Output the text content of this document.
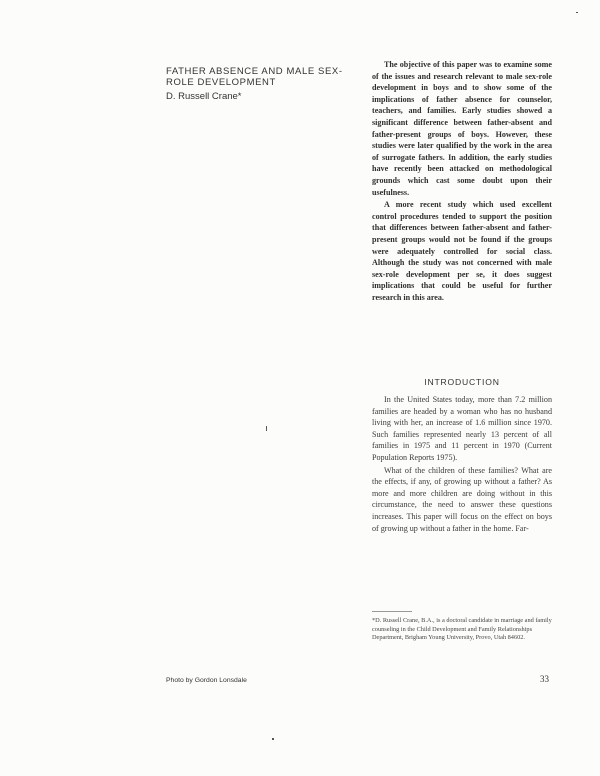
FATHER ABSENCE AND MALE SEX-ROLE DEVELOPMENT
D. Russell Crane*

The objective of this paper was to examine some of the issues and research relevant to male sex-role development in boys and to show some of the implications of father absence for counselor, teachers, and families. Early studies showed a significant difference between father-absent and father-present groups of boys. However, these studies were later qualified by the work in the area of surrogate fathers. In addition, the early studies have recently been attacked on methodological grounds which cast some doubt upon their usefulness.

A more recent study which used excellent control procedures tended to support the position that differences between father-absent and father-present groups would not be found if the groups were adequately controlled for social class. Although the study was not concerned with male sex-role development per se, it does suggest implications that could be useful for further research in this area.

INTRODUCTION

In the United States today, more than 7.2 million families are headed by a woman who has no husband living with her, an increase of 1.6 million since 1970. Such families represented nearly 13 percent of all families in 1975 and 11 percent in 1970 (Current Population Reports 1975).

What of the children of these families? What are the effects, if any, of growing up without a father? As more and more children are doing without in this circumstance, the need to answer these questions increases. This paper will focus on the effect on boys of growing up without a father in the home. Far-

*D. Russell Crane, B.A., is a doctoral candidate in marriage and family counseling in the Child Development and Family Relationships Department, Brigham Young University, Provo, Utah 84602.
Photo by Gordon Lonsdale	33
